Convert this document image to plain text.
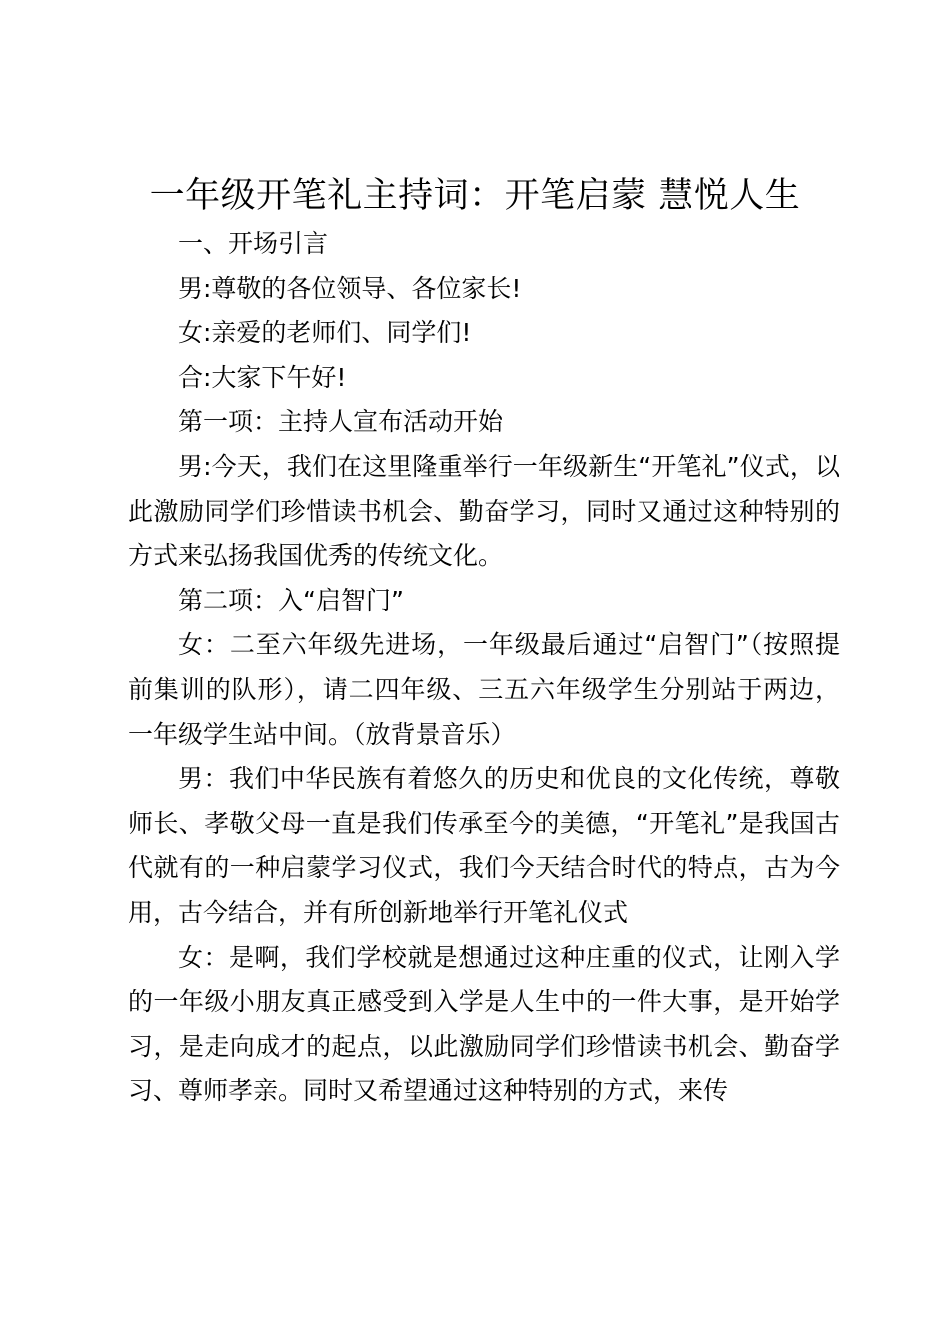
一年级开笔礼主持词：开笔启蒙 慧悦人生

一、开场引言

男:尊敬的各位领导、各位家长!

女:亲爱的老师们、同学们!

合:大家下午好!

第一项：主持人宣布活动开始

男:今天，我们在这里隆重举行一年级新生“开笔礼”仪式，以此激励同学们珍惜读书机会、勤奋学习，同时又通过这种特别的方式来弘扬我国优秀的传统文化。

第二项：入“启智门”

女：二至六年级先进场，一年级最后通过“启智门”（按照提前集训的队形），请二四年级、三五六年级学生分别站于两边，一年级学生站中间。（放背景音乐）

男：我们中华民族有着悠久的历史和优良的文化传统，尊敬师长、孝敬父母一直是我们传承至今的美德，“开笔礼”是我国古代就有的一种启蒙学习仪式，我们今天结合时代的特点，古为今用，古今结合，并有所创新地举行开笔礼仪式

女：是啊，我们学校就是想通过这种庄重的仪式，让刚入学的一年级小朋友真正感受到入学是人生中的一件大事，是开始学习，是走向成才的起点，以此激励同学们珍惜读书机会、勤奋学习、尊师孝亲。同时又希望通过这种特别的方式，来传
